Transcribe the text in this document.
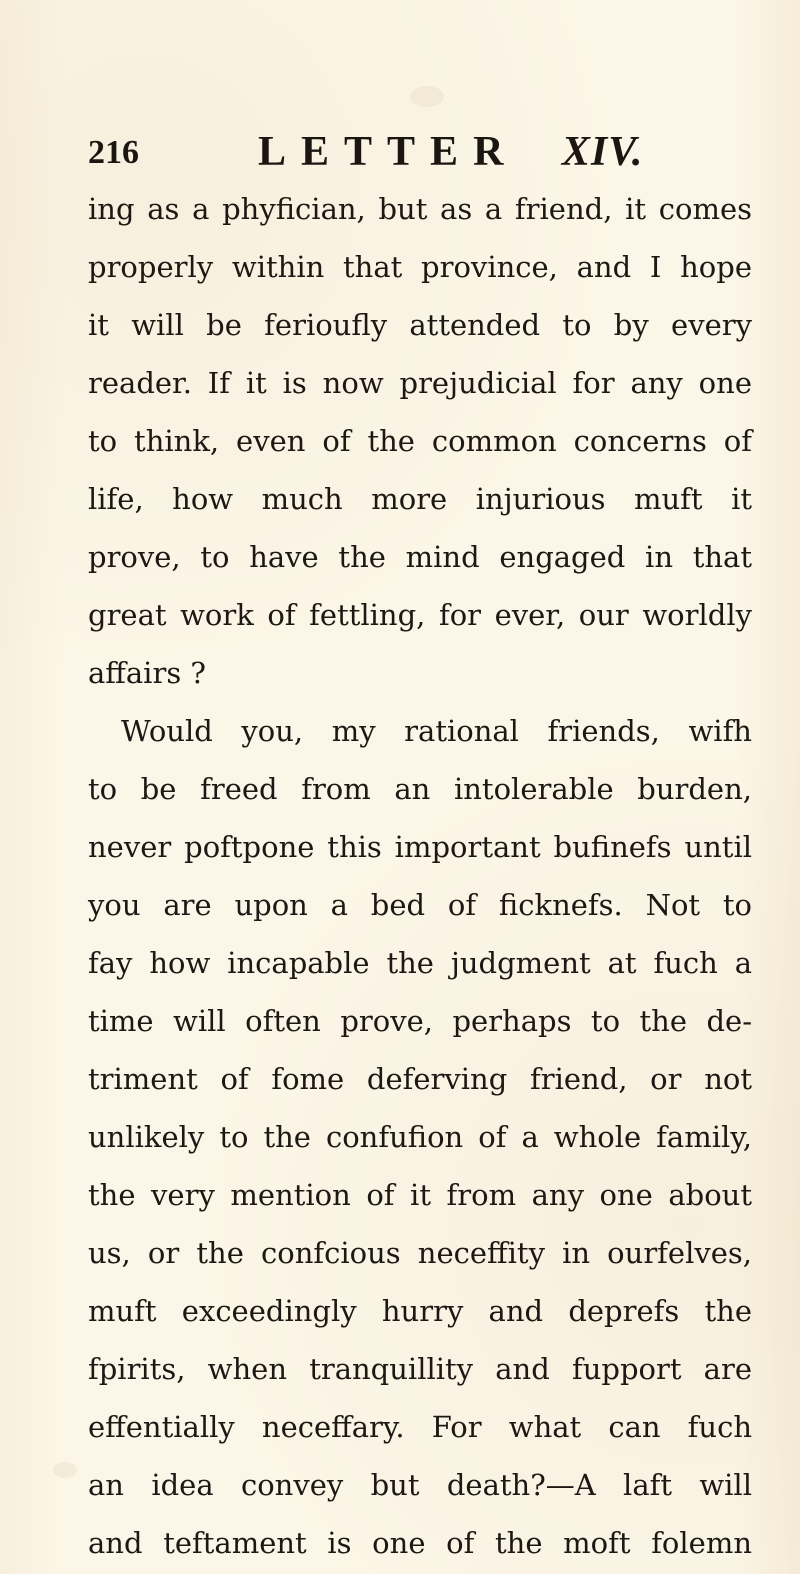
216	LETTER XIV.
ing as a phyfician, but as a friend, it comes
properly within that province, and I hope
it will be ferioufly attended to by every
reader. If it is now prejudicial for any one
to think, even of the common concerns of
life, how much more injurious muft it
prove, to have the mind engaged in that
great work of fettling, for ever, our worldly
affairs ?
Would you, my rational friends, wifh
to be freed from an intolerable burden,
never poftpone this important bufinefs until
you are upon a bed of ficknefs. Not to
fay how incapable the judgment at fuch a
time will often prove, perhaps to the de-
triment of fome deferving friend, or not
unlikely to the confufion of a whole family,
the very mention of it from any one about
us, or the confcious neceffity in ourfelves,
muft exceedingly hurry and deprefs the
fpirits, when tranquillity and fupport are
effentially neceffary. For what can fuch
an idea convey but death?—A laft will
and teftament is one of the moft folemn
